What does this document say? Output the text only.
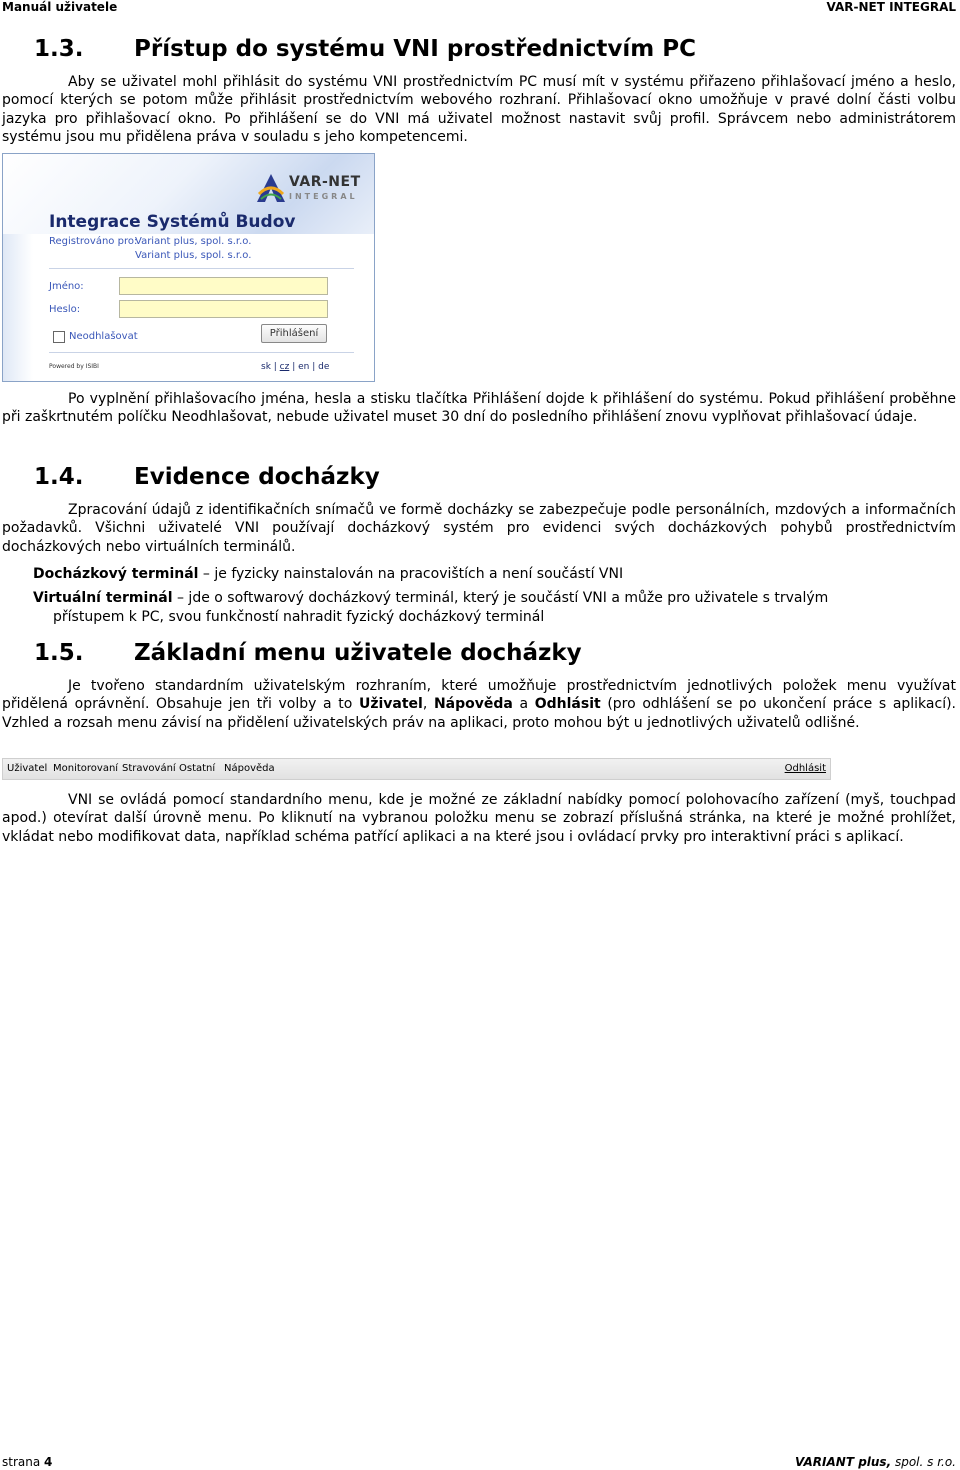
Manuál uživatele	VAR-NET INTEGRAL
1.3. Přístup do systému VNI prostřednictvím PC

Aby se uživatel mohl přihlásit do systému VNI prostřednictvím PC musí mít v systému přiřazeno přihlašovací jméno a heslo, pomocí kterých se potom může přihlásit prostřednictvím webového rozhraní. Přihlašovací okno umožňuje v pravé dolní části volbu jazyka pro přihlašovací okno. Po přihlášení se do VNI má uživatel možnost nastavit svůj profil. Správcem nebo administrátorem systému jsou mu přidělena práva v souladu s jeho kompetencemi.

VAR-NET
INTEGRAL
Integrace Systémů Budov
Registrováno pro:
Variant plus, spol. s.r.o.
Variant plus, spol. s.r.o.
Jméno:
Heslo:
Neodhlašovat	Přihlášení
Powered by ISIBI	sk | cz | en | de

Po vyplnění přihlašovacího jména, hesla a stisku tlačítka Přihlášení dojde k přihlášení do systému. Pokud přihlášení proběhne při zaškrtnutém políčku Neodhlašovat, nebude uživatel muset 30 dní do posledního přihlášení znovu vyplňovat přihlašovací údaje.

1.4. Evidence docházky

Zpracování údajů z identifikačních snímačů ve formě docházky se zabezpečuje podle personálních, mzdových a informačních požadavků. Všichni uživatelé VNI používají docházkový systém pro evidenci svých docházkových pohybů prostřednictvím docházkových nebo virtuálních terminálů.

Docházkový terminál – je fyzicky nainstalován na pracovištích a není součástí VNI
Virtuální terminál – jde o softwarový docházkový terminál, který je součástí VNI a může pro uživatele s trvalým
přístupem k PC, svou funkčností nahradit fyzický docházkový terminál
1.5. Základní menu uživatele docházky

Je tvořeno standardním uživatelským rozhraním, které umožňuje prostřednictvím jednotlivých položek menu využívat přidělená oprávnění. Obsahuje jen tři volby a to Uživatel, Nápověda a Odhlásit (pro odhlášení se po ukončení práce s aplikací). Vzhled a rozsah menu závisí na přidělení uživatelských práv na aplikaci, proto mohou být u jednotlivých uživatelů odlišné.

Uživatel Monitorovaní Stravování Ostatní Nápověda	Odhlásit

VNI se ovládá pomocí standardního menu, kde je možné ze základní nabídky pomocí polohovacího zařízení (myš, touchpad apod.) otevírat další úrovně menu. Po kliknutí na vybranou položku menu se zobrazí příslušná stránka, na které je možné prohlížet, vkládat nebo modifikovat data, například schéma patřící aplikaci a na které jsou i ovládací prvky pro interaktivní práci s aplikací.

strana 4	VARIANT plus, spol. s r.o.
